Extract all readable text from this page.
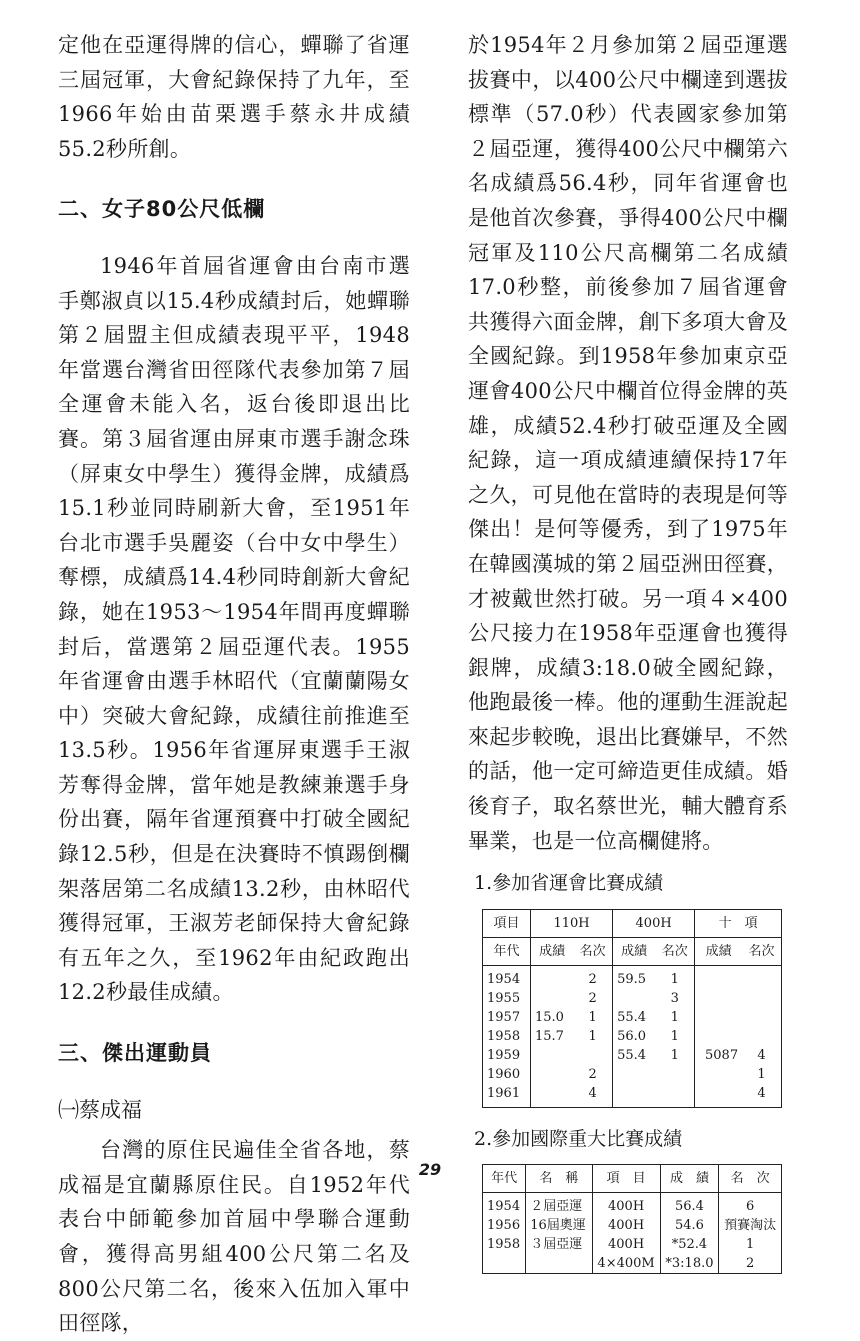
定他在亞運得牌的信心，蟬聯了省運三屆冠軍，大會紀錄保持了九年，至1966年始由苗栗選手蔡永井成績55.2秒所創。

二、女子80公尺低欄

1946年首屆省運會由台南市選手鄭淑貞以15.4秒成績封后，她蟬聯第２屆盟主但成績表現平平，1948年當選台灣省田徑隊代表參加第７屆全運會未能入名，返台後即退出比賽。第３屆省運由屏東市選手謝念珠（屏東女中學生）獲得金牌，成績爲15.1秒並同時刷新大會，至1951年台北市選手吳麗姿（台中女中學生）奪標，成績爲14.4秒同時創新大會紀錄，她在1953～1954年間再度蟬聯封后，當選第２屆亞運代表。1955年省運會由選手林昭代（宜蘭蘭陽女中）突破大會紀錄，成績往前推進至13.5秒。1956年省運屏東選手王淑芳奪得金牌，當年她是教練兼選手身份出賽，隔年省運預賽中打破全國紀錄12.5秒，但是在決賽時不慎踢倒欄架落居第二名成績13.2秒，由林昭代獲得冠軍，王淑芳老師保持大會紀錄有五年之久，至1962年由紀政跑出12.2秒最佳成績。

三、傑出運動員
㈠蔡成福

台灣的原住民遍佳全省各地，蔡成福是宜蘭縣原住民。自1952年代表台中師範參加首屆中學聯合運動會，獲得高男組400公尺第二名及800公尺第二名，後來入伍加入軍中田徑隊，

於1954年２月參加第２屆亞運選拔賽中，以400公尺中欄達到選拔標準（57.0秒）代表國家參加第２屆亞運，獲得400公尺中欄第六名成績爲56.4秒，同年省運會也是他首次參賽，爭得400公尺中欄冠軍及110公尺高欄第二名成績17.0秒整，前後參加７屆省運會共獲得六面金牌，創下多項大會及全國紀錄。到1958年參加東京亞運會400公尺中欄首位得金牌的英雄，成績52.4秒打破亞運及全國紀錄，這一項成績連續保持17年之久，可見他在當時的表現是何等傑出！是何等優秀，到了1975年在韓國漢城的第２屆亞洲田徑賽，才被戴世然打破。另一項４×400公尺接力在1958年亞運會也獲得銀牌，成績3:18.0破全國紀錄，他跑最後一棒。他的運動生涯說起來起步較晚，退出比賽嫌早，不然的話，他一定可締造更佳成績。婚後育子，取名蔡世光，輔大體育系畢業，也是一位高欄健將。

1.參加省運會比賽成績
項目	110H		400H		十　項	
年代	成績	名次	成績	名次	成績	名次
1954		2	59.5	1		
1955		2		3		
1957	15.0	1	55.4	1		
1958	15.7	1	56.0	1		
1959			55.4	1	5087	4
1960		2				1
1961		4				4
2.參加國際重大比賽成績
年代	名　稱	項　目	成　績	名　次
1954	２屆亞運	400H	56.4	6
1956	16屆奧運	400H	54.6	預賽淘汰
1958	３屆亞運	400H	*52.4	1
		4×400M	*3:18.0	2
29
